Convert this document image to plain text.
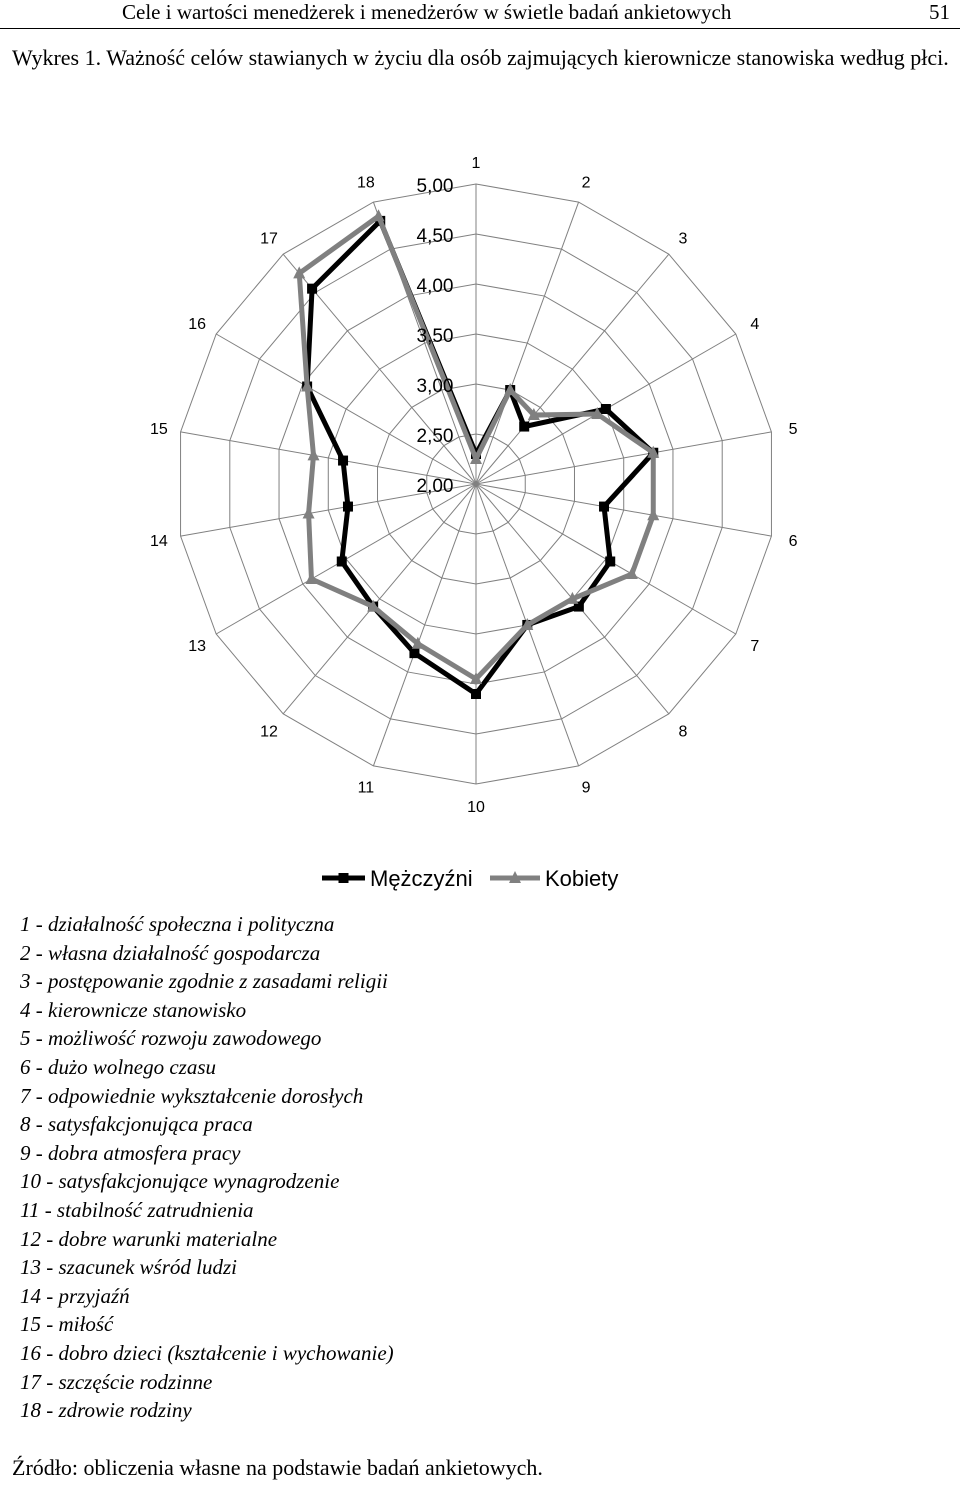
Cele i wartości menedżerek i menedżerów w świetle badań ankietowych	51
Wykres 1. Ważność celów stawianych w życiu dla osób zajmujących kierownicze stanowiska według płci.
2,00
2,50
3,00
3,50
4,00
4,50
5,00
1
2
3
4
5
6
7
8
9
10
11
12
13
14
15
16
17
18
Mężczyźni	Kobiety
1 - działalność społeczna i polityczna
2 - własna działalność gospodarcza
3 - postępowanie zgodnie z zasadami religii
4 - kierownicze stanowisko
5 - możliwość rozwoju zawodowego
6 - dużo wolnego czasu
7 - odpowiednie wykształcenie dorosłych
8 - satysfakcjonująca praca
9 - dobra atmosfera pracy
10 - satysfakcjonujące wynagrodzenie
11 - stabilność zatrudnienia
12 - dobre warunki materialne
13 - szacunek wśród ludzi
14 - przyjaźń
15 - miłość
16 - dobro dzieci (kształcenie i wychowanie)
17 - szczęście rodzinne
18 - zdrowie rodziny
Źródło: obliczenia własne na podstawie badań ankietowych.
